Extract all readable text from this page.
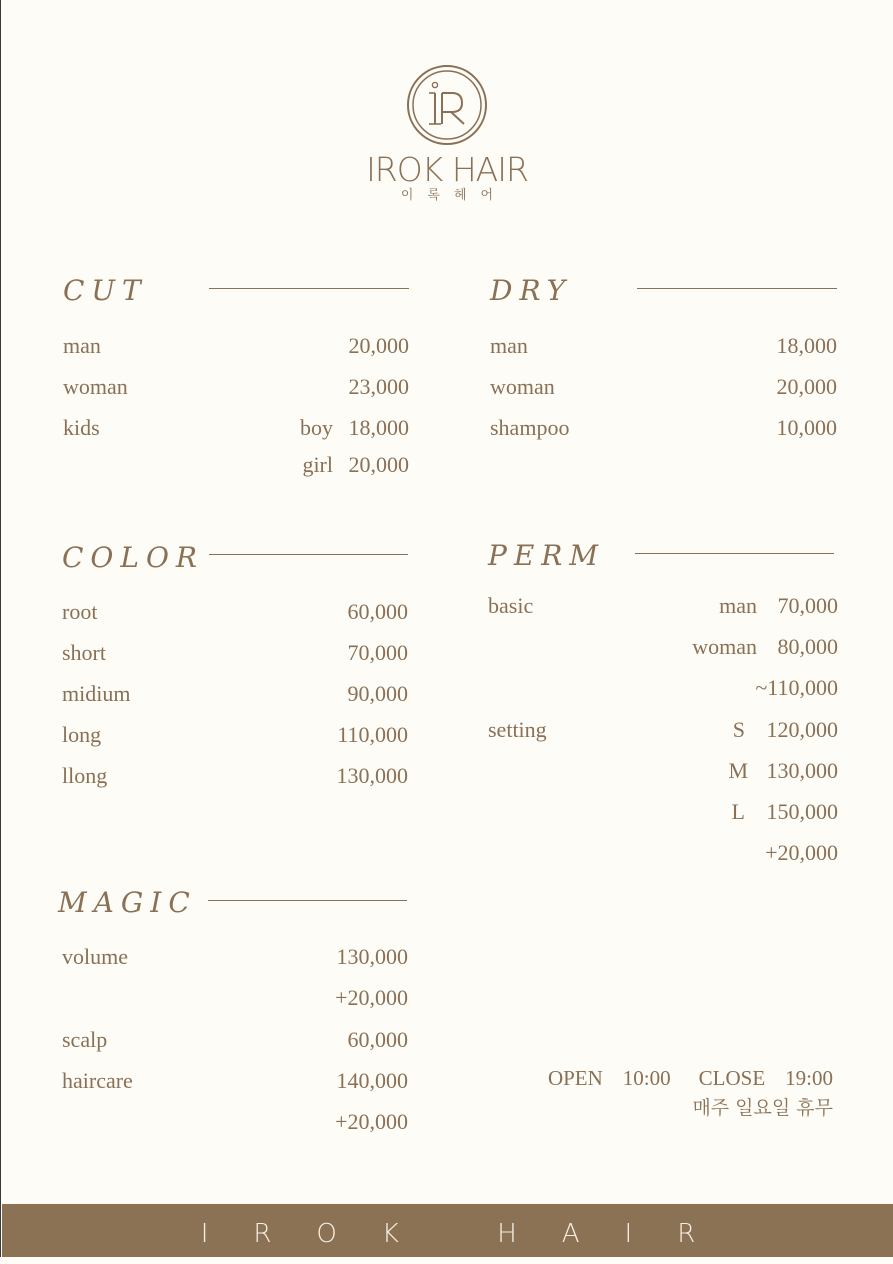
IROK HAIR
이록헤어
CUT
man	20,000
woman	23,000
kids	boy 18,000
girl 20,000
DRY
man	18,000
woman	20,000
shampoo	10,000
COLOR
root	60,000
short	70,000
midium	90,000
long	110,000
llong	130,000
PERM
basic	man 70,000
woman 80,000
~110,000
setting	S 120,000
M 130,000
L 150,000
+20,000
MAGIC
volume	130,000
+20,000
scalp	60,000
haircare	140,000
+20,000
OPEN 10:00 CLOSE 19:00
매주 일요일 휴무
IROK HAIR
